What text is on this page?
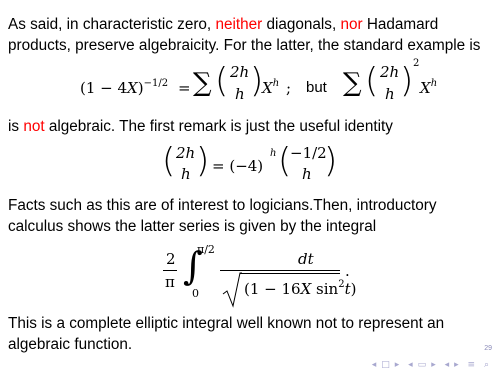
As said, in characteristic zero, neither diagonals, nor Hadamard products, preserve algebraicity. For the latter, the standard example is

$(1 - 4X)^{-1/2}$ = ∑ ( 2h
h )
$X^h$ ; but ∑ ( 2h
h ) 2
$X^h$

is not algebraic. The first remark is just the useful identity

( 2h
h ) = (−4)
h (
−1/2
h )

Facts such as this are of interest to logicians.Then, introductory calculus shows the latter series is given by the integral

2
π ∫
π/2
0
dt
(1 − 16X $\sin^2t$)
.

This is a complete elliptic integral well known not to represent an algebraic function.	29
◂ □ ▸ ◂ ▭ ▸ ◂ ▸ ≡ ⌕
